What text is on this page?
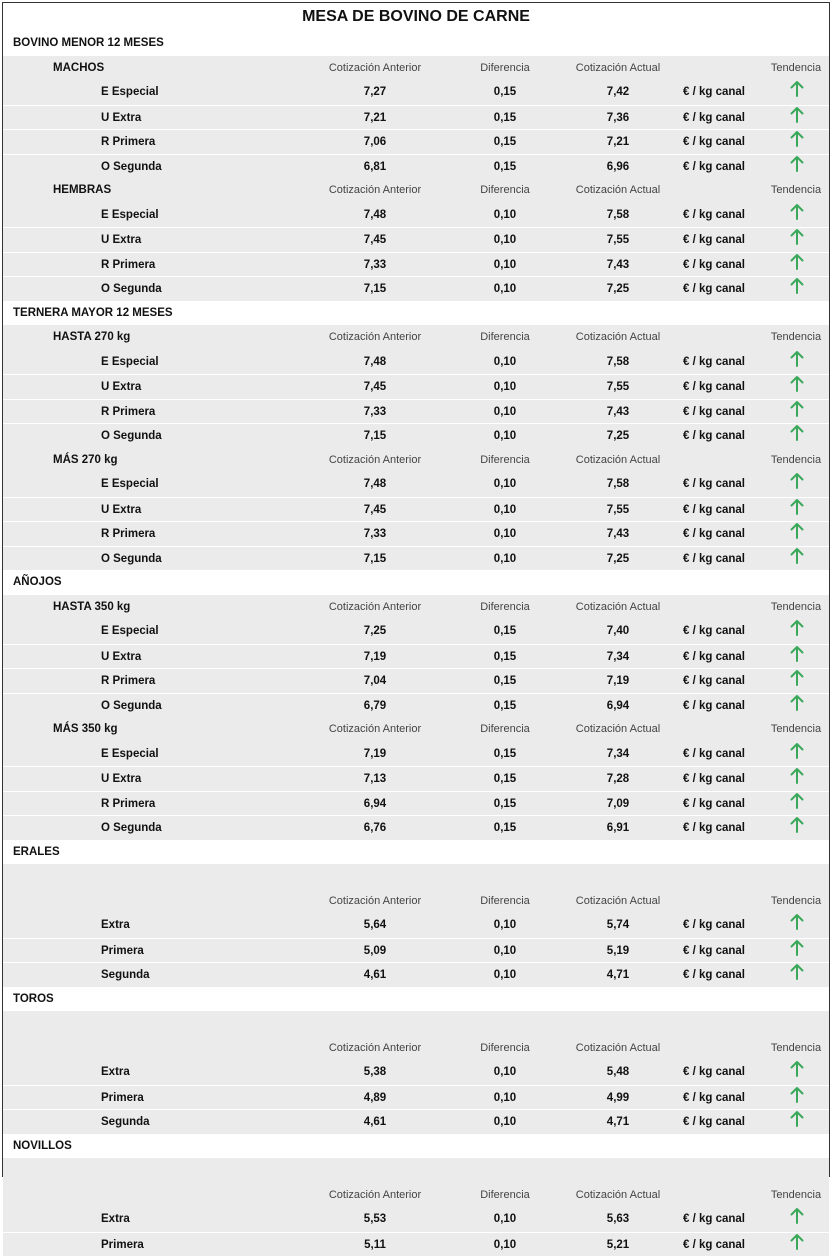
MESA DE BOVINO DE CARNE
BOVINO MENOR 12 MESES
MACHOS	Cotización Anterior	Diferencia	Cotización Actual	Tendencia
E Especial	7,27	0,15	7,42	€ / kg canal
U Extra	7,21	0,15	7,36	€ / kg canal
R Primera	7,06	0,15	7,21	€ / kg canal
O Segunda	6,81	0,15	6,96	€ / kg canal
HEMBRAS	Cotización Anterior	Diferencia	Cotización Actual	Tendencia
E Especial	7,48	0,10	7,58	€ / kg canal
U Extra	7,45	0,10	7,55	€ / kg canal
R Primera	7,33	0,10	7,43	€ / kg canal
O Segunda	7,15	0,10	7,25	€ / kg canal
TERNERA MAYOR 12 MESES
HASTA 270 kg	Cotización Anterior	Diferencia	Cotización Actual	Tendencia
E Especial	7,48	0,10	7,58	€ / kg canal
U Extra	7,45	0,10	7,55	€ / kg canal
R Primera	7,33	0,10	7,43	€ / kg canal
O Segunda	7,15	0,10	7,25	€ / kg canal
MÁS 270 kg	Cotización Anterior	Diferencia	Cotización Actual	Tendencia
E Especial	7,48	0,10	7,58	€ / kg canal
U Extra	7,45	0,10	7,55	€ / kg canal
R Primera	7,33	0,10	7,43	€ / kg canal
O Segunda	7,15	0,10	7,25	€ / kg canal
AÑOJOS
HASTA 350 kg	Cotización Anterior	Diferencia	Cotización Actual	Tendencia
E Especial	7,25	0,15	7,40	€ / kg canal
U Extra	7,19	0,15	7,34	€ / kg canal
R Primera	7,04	0,15	7,19	€ / kg canal
O Segunda	6,79	0,15	6,94	€ / kg canal
MÁS 350 kg	Cotización Anterior	Diferencia	Cotización Actual	Tendencia
E Especial	7,19	0,15	7,34	€ / kg canal
U Extra	7,13	0,15	7,28	€ / kg canal
R Primera	6,94	0,15	7,09	€ / kg canal
O Segunda	6,76	0,15	6,91	€ / kg canal
ERALES
Cotización Anterior	Diferencia	Cotización Actual	Tendencia
Extra	5,64	0,10	5,74	€ / kg canal
Primera	5,09	0,10	5,19	€ / kg canal
Segunda	4,61	0,10	4,71	€ / kg canal
TOROS
Cotización Anterior	Diferencia	Cotización Actual	Tendencia
Extra	5,38	0,10	5,48	€ / kg canal
Primera	4,89	0,10	4,99	€ / kg canal
Segunda	4,61	0,10	4,71	€ / kg canal
NOVILLOS
Cotización Anterior	Diferencia	Cotización Actual	Tendencia
Extra	5,53	0,10	5,63	€ / kg canal
Primera	5,11	0,10	5,21	€ / kg canal
